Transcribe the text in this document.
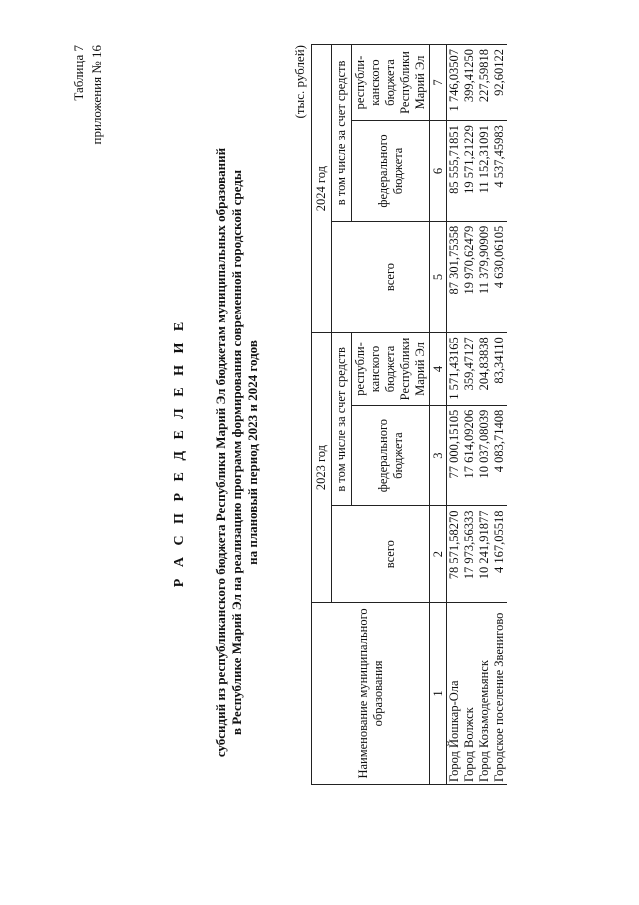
Таблица 7 приложения № 16
Р А С П Р Е Д Е Л Е Н И Е субсидий из республиканского бюджета Республики Марий Эл бюджетам муниципальных образований в Республике Марий Эл на реализацию программ формирования современной городской среды на плановый период 2023 и 2024 годов
(тыс. рублей)
Наименование муниципального образования	2023 год			2024 год		
		в том числе за счет средств			в том числе за счет средств	
	всего	федерального бюджета	республи- канского бюджета Республики Марий Эл	всего	федерального бюджета	республи- канского бюджета Республики Марий Эл
1	2	3	4	5	6	7

Город Йошкар-Ола	78 571,58270	77 000,15105	1 571,43165	87 301,75358	85 555,71851	1 746,03507
Город Волжск	17 973,56333	17 614,09206	359,47127	19 970,62479	19 571,21229	399,41250
Город Козьмодемьянск	10 241,91877	10 037,08039	204,83838	11 379,90909	11 152,31091	227,59818
Городское поселение Звенигово	4 167,05518	4 083,71408	83,34110	4 630,06105	4 537,45983	92,60122
